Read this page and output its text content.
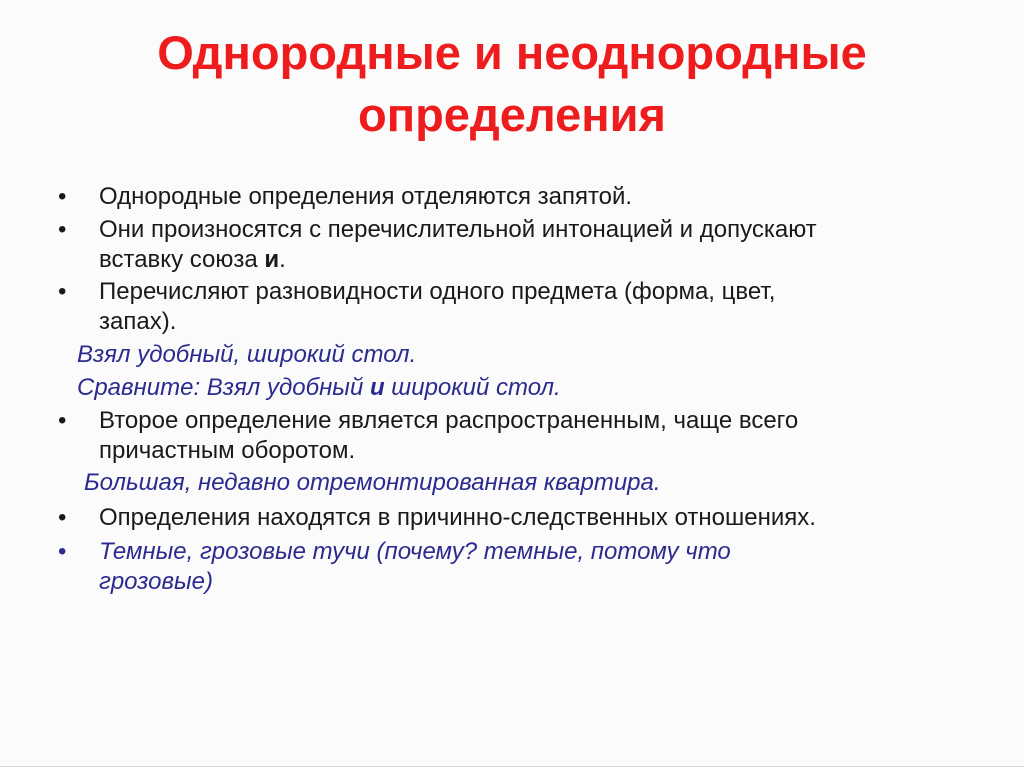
Однородные и неоднородные
определения
• Однородные определения отделяются запятой.
• Они произносятся с перечислительной интонацией и допускают
вставку союза и.
• Перечисляют разновидности одного предмета (форма, цвет,
запах).
Взял удобный, широкий стол.
Сравните: Взял удобный и широкий стол.
• Второе определение является распространенным, чаще всего
причастным оборотом.
Большая, недавно отремонтированная квартира.
• Определения находятся в причинно-следственных отношениях.
• Темные, грозовые тучи (почему? темные, потому что
грозовые)
